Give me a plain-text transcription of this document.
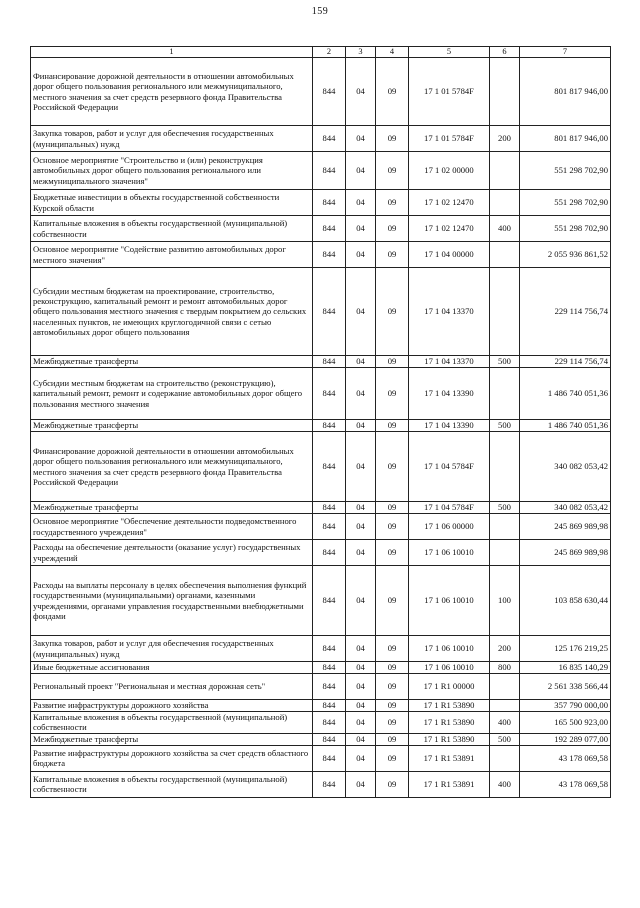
159
1	2	3	4	5	6	7
Финансирование дорожной деятельности в отношении автомобильных дорог общего пользования регионального или межмуниципального, местного значения за счет средств резервного фонда Правительства Российской Федерации	844	04	09	17 1 01 5784F		801 817 946,00
Закупка товаров, работ и услуг для обеспечения государственных (муниципальных) нужд	844	04	09	17 1 01 5784F	200	801 817 946,00
Основное мероприятие "Строительство и (или) реконструкция автомобильных дорог общего пользования регионального или межмуниципального значения"	844	04	09	17 1 02 00000		551 298 702,90
Бюджетные инвестиции в объекты государственной собственности Курской области	844	04	09	17 1 02 12470		551 298 702,90
Капитальные вложения в объекты государственной (муниципальной) собственности	844	04	09	17 1 02 12470	400	551 298 702,90
Основное мероприятие "Содействие развитию автомобильных дорог местного значения"	844	04	09	17 1 04 00000		2 055 936 861,52
Субсидии местным бюджетам на проектирование, строительство, реконструкцию, капитальный ремонт и ремонт автомобильных дорог общего пользования местного значения с твердым покрытием до сельских населенных пунктов, не имеющих круглогодичной связи с сетью автомобильных дорог общего пользования	844	04	09	17 1 04 13370		229 114 756,74
Межбюджетные трансферты	844	04	09	17 1 04 13370	500	229 114 756,74
Субсидии местным бюджетам на строительство (реконструкцию), капитальный ремонт, ремонт и содержание автомобильных дорог общего пользования местного значения	844	04	09	17 1 04 13390		1 486 740 051,36
Межбюджетные трансферты	844	04	09	17 1 04 13390	500	1 486 740 051,36
Финансирование дорожной деятельности в отношении автомобильных дорог общего пользования регионального или межмуниципального, местного значения за счет средств резервного фонда Правительства Российской Федерации	844	04	09	17 1 04 5784F		340 082 053,42
Межбюджетные трансферты	844	04	09	17 1 04 5784F	500	340 082 053,42
Основное мероприятие "Обеспечение деятельности подведомственного государственного учреждения"	844	04	09	17 1 06 00000		245 869 989,98
Расходы на обеспечение деятельности (оказание услуг) государственных учреждений	844	04	09	17 1 06 10010		245 869 989,98
Расходы на выплаты персоналу в целях обеспечения выполнения функций государственными (муниципальными) органами, казенными учреждениями, органами управления государственными внебюджетными фондами	844	04	09	17 1 06 10010	100	103 858 630,44
Закупка товаров, работ и услуг для обеспечения государственных (муниципальных) нужд	844	04	09	17 1 06 10010	200	125 176 219,25
Иные бюджетные ассигнования	844	04	09	17 1 06 10010	800	16 835 140,29
Региональный проект "Региональная и местная дорожная сеть"	844	04	09	17 1 R1 00000		2 561 338 566,44
Развитие инфраструктуры дорожного хозяйства	844	04	09	17 1 R1 53890		357 790 000,00
Капитальные вложения в объекты государственной (муниципальной) собственности	844	04	09	17 1 R1 53890	400	165 500 923,00
Межбюджетные трансферты	844	04	09	17 1 R1 53890	500	192 289 077,00
Развитие инфраструктуры дорожного хозяйства за счет средств областного бюджета	844	04	09	17 1 R1 53891		43 178 069,58
Капитальные вложения в объекты государственной (муниципальной) собственности	844	04	09	17 1 R1 53891	400	43 178 069,58
